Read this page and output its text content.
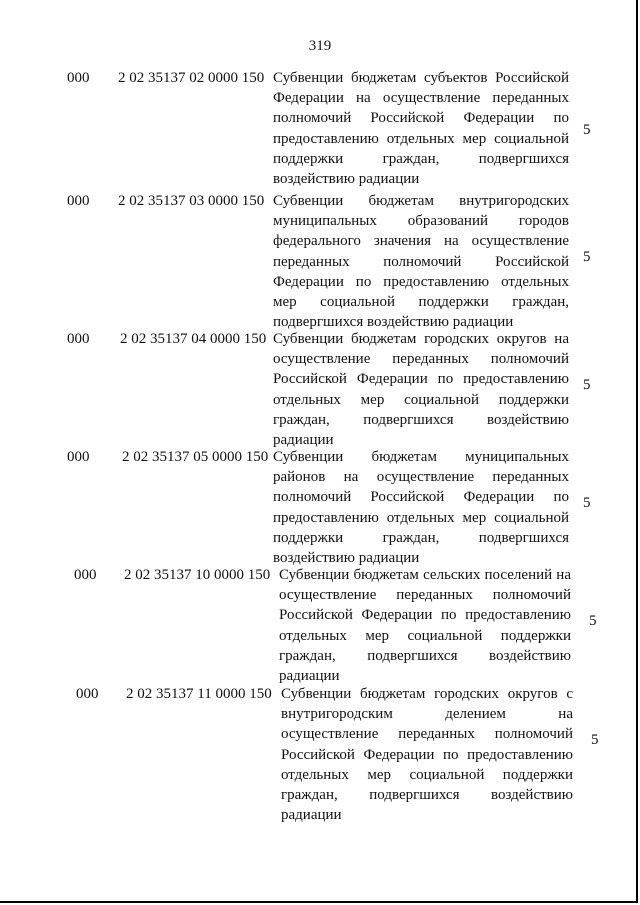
319
000 2 02 35137 02 0000 150 Субвенции бюджетам субъектов Российской Федерации на осуществление переданных полномочий Российской Федерации по предоставлению отдельных мер социальной поддержки граждан, подвергшихся воздействию радиации
5
000 2 02 35137 03 0000 150 Субвенции бюджетам внутригородских муниципальных образований городов федерального значения на осуществление переданных полномочий Российской Федерации по предоставлению отдельных мер социальной поддержки граждан, подвергшихся воздействию радиации
5
000 2 02 35137 04 0000 150 Субвенции бюджетам городских округов на осуществление переданных полномочий Российской Федерации по предоставлению отдельных мер социальной поддержки граждан, подвергшихся воздействию радиации
5
000 2 02 35137 05 0000 150 Субвенции бюджетам муниципальных районов на осуществление переданных полномочий Российской Федерации по предоставлению отдельных мер социальной поддержки граждан, подвергшихся воздействию радиации
5
000 2 02 35137 10 0000 150 Субвенции бюджетам сельских поселений на осуществление переданных полномочий Российской Федерации по предоставлению отдельных мер социальной поддержки граждан, подвергшихся воздействию радиации
5
000 2 02 35137 11 0000 150 Субвенции бюджетам городских округов с внутригородским делением на осуществление переданных полномочий Российской Федерации по предоставлению отдельных мер социальной поддержки граждан, подвергшихся воздействию радиации
5
